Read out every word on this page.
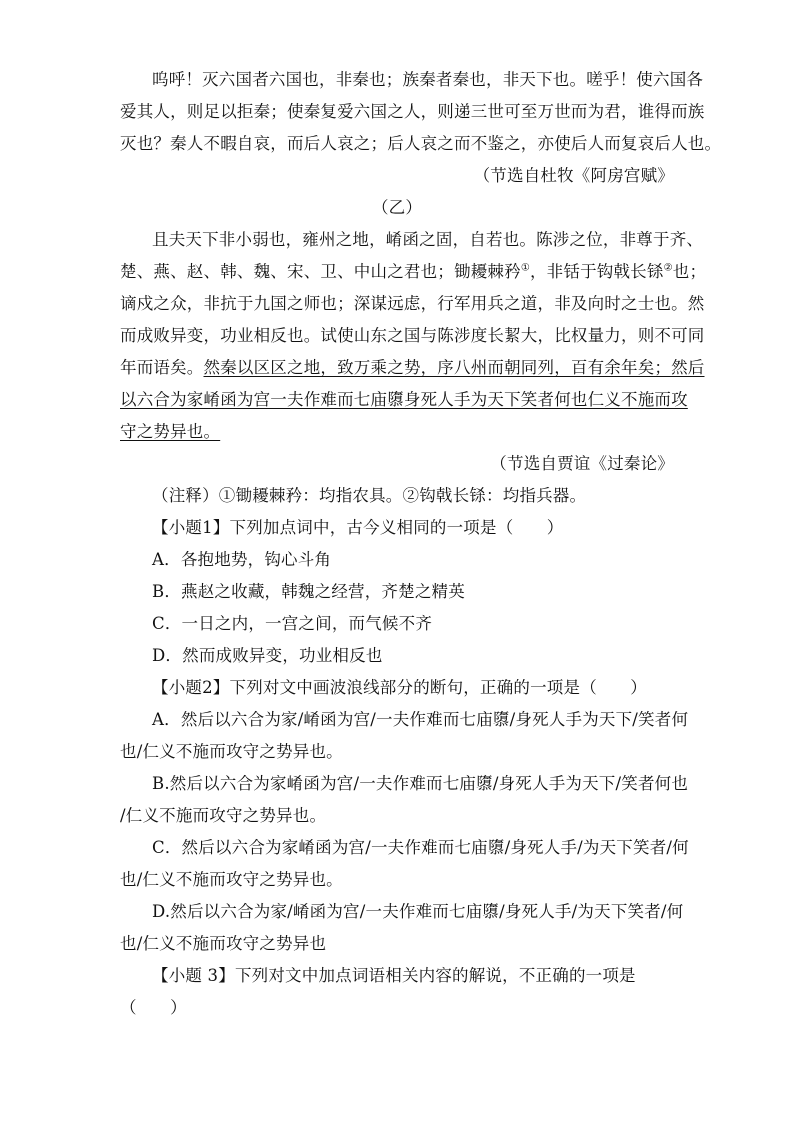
呜呼！灭六国者六国也，非秦也；族秦者秦也，非天下也。嗟乎！使六国各
爱其人，则足以拒秦；使秦复爱六国之人，则递三世可至万世而为君，谁得而族
灭也？秦人不暇自哀，而后人哀之；后人哀之而不鉴之，亦使后人而复哀后人也。
（节选自杜牧《阿房宫赋》
（乙）
且夫天下非小弱也，雍州之地，崤函之固，自若也。陈涉之位，非尊于齐、
楚、燕、赵、韩、魏、宋、卫、中山之君也；锄耰棘矜①，非铦于钩戟长铩②也；
谪戍之众，非抗于九国之师也；深谋远虑，行军用兵之道，非及向时之士也。然
而成败异变，功业相反也。试使山东之国与陈涉度长絜大，比权量力，则不可同
年而语矣。然秦以区区之地，致万乘之势，序八州而朝同列，百有余年矣；然后
以六合为家崤函为宫一夫作难而七庙隳身死人手为天下笑者何也仁义不施而攻
守之势异也。
（节选自贾谊《过秦论》
（注释）①锄耰棘矜：均指农具。②钩戟长铩：均指兵器。
【小题1】下列加点词中，古今义相同的一项是（　　）
A．各抱地势，钩心斗角
B．燕赵之收藏，韩魏之经营，齐楚之精英
C．一日之内，一宫之间，而气候不齐
D．然而成败异变，功业相反也
【小题2】下列对文中画波浪线部分的断句，正确的一项是（　　）
A．然后以六合为家/崤函为宫/一夫作难而七庙隳/身死人手为天下/笑者何
也/仁义不施而攻守之势异也。
B.然后以六合为家崤函为宫/一夫作难而七庙隳/身死人手为天下/笑者何也
/仁义不施而攻守之势异也。
C．然后以六合为家崤函为宫/一夫作难而七庙隳/身死人手/为天下笑者/何
也/仁义不施而攻守之势异也。
D.然后以六合为家/崤函为宫/一夫作难而七庙隳/身死人手/为天下笑者/何
也/仁义不施而攻守之势异也
【小题 3】下列对文中加点词语相关内容的解说，不正确的一项是
（　　）
